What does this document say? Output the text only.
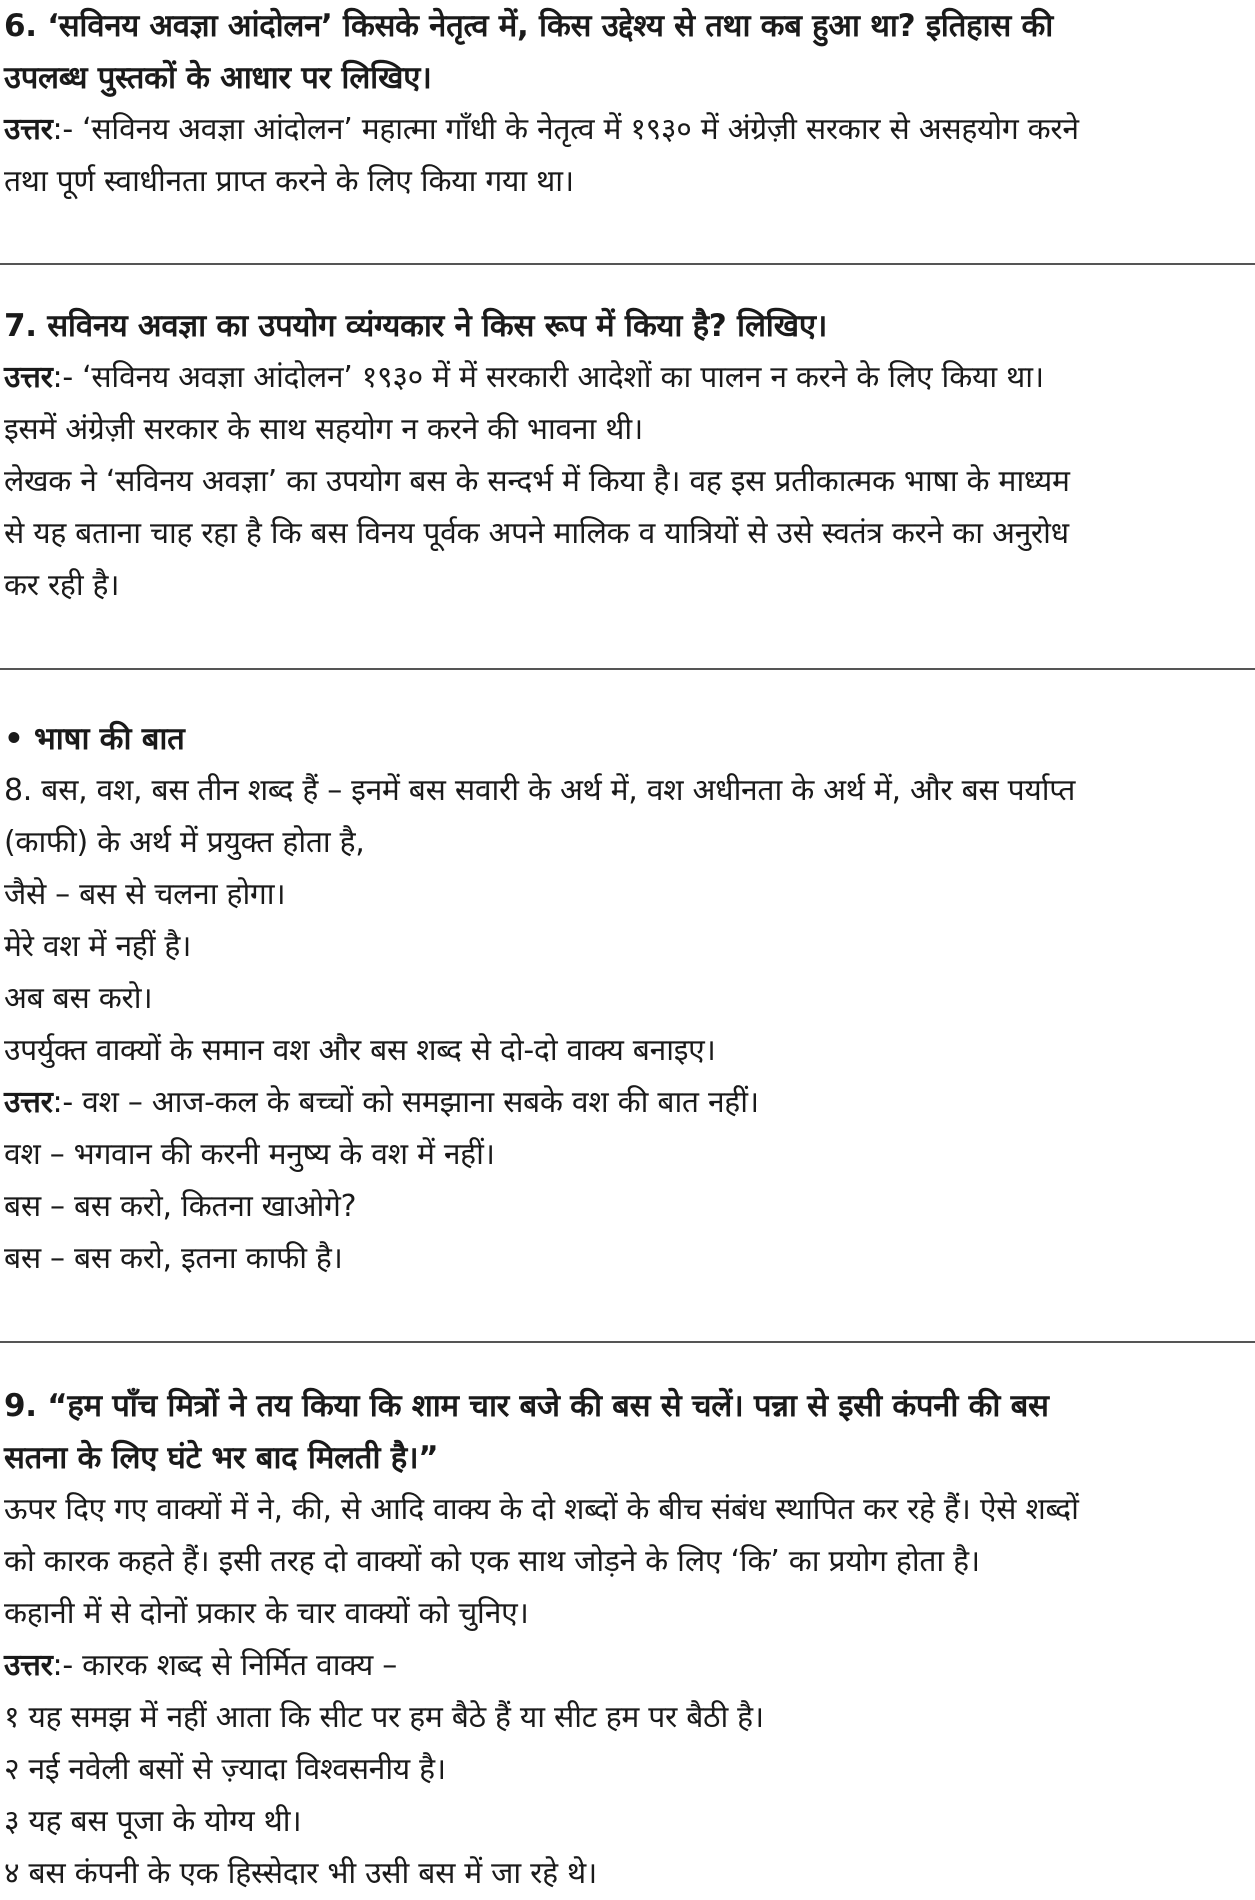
6. ‘सविनय अवज्ञा आंदोलन’ किसके नेतृत्व में, किस उद्देश्य से तथा कब हुआ था? इतिहास की
उपलब्ध पुस्तकों के आधार पर लिखिए।
उत्तर:- ‘सविनय अवज्ञा आंदोलन’ महात्मा गाँधी के नेतृत्व में १९३० में अंग्रेज़ी सरकार से असहयोग करने
तथा पूर्ण स्वाधीनता प्राप्त करने के लिए किया गया था।
7. सविनय अवज्ञा का उपयोग व्यंग्यकार ने किस रूप में किया है? लिखिए।
उत्तर:- ‘सविनय अवज्ञा आंदोलन’ १९३० में में सरकारी आदेशों का पालन न करने के लिए किया था।
इसमें अंग्रेज़ी सरकार के साथ सहयोग न करने की भावना थी।
लेखक ने ‘सविनय अवज्ञा’ का उपयोग बस के सन्दर्भ में किया है। वह इस प्रतीकात्मक भाषा के माध्यम
से यह बताना चाह रहा है कि बस विनय पूर्वक अपने मालिक व यात्रियों से उसे स्वतंत्र करने का अनुरोध
कर रही है।
• भाषा की बात
8. बस, वश, बस तीन शब्द हैं – इनमें बस सवारी के अर्थ में, वश अधीनता के अर्थ में, और बस पर्याप्त
(काफी) के अर्थ में प्रयुक्त होता है,
जैसे – बस से चलना होगा।
मेरे वश में नहीं है।
अब बस करो।
उपर्युक्त वाक्यों के समान वश और बस शब्द से दो-दो वाक्य बनाइए।
उत्तर:- वश – आज-कल के बच्चों को समझाना सबके वश की बात नहीं।
वश – भगवान की करनी मनुष्य के वश में नहीं।
बस – बस करो, कितना खाओगे?
बस – बस करो, इतना काफी है।
9. “हम पाँच मित्रों ने तय किया कि शाम चार बजे की बस से चलें। पन्ना से इसी कंपनी की बस
सतना के लिए घंटे भर बाद मिलती है।”
ऊपर दिए गए वाक्यों में ने, की, से आदि वाक्य के दो शब्दों के बीच संबंध स्थापित कर रहे हैं। ऐसे शब्दों
को कारक कहते हैं। इसी तरह दो वाक्यों को एक साथ जोड़ने के लिए ‘कि’ का प्रयोग होता है।
कहानी में से दोनों प्रकार के चार वाक्यों को चुनिए।
उत्तर:- कारक शब्द से निर्मित वाक्य –
१ यह समझ में नहीं आता कि सीट पर हम बैठे हैं या सीट हम पर बैठी है।
२ नई नवेली बसों से ज़्यादा विश्वसनीय है।
३ यह बस पूजा के योग्य थी।
४ बस कंपनी के एक हिस्सेदार भी उसी बस में जा रहे थे।
